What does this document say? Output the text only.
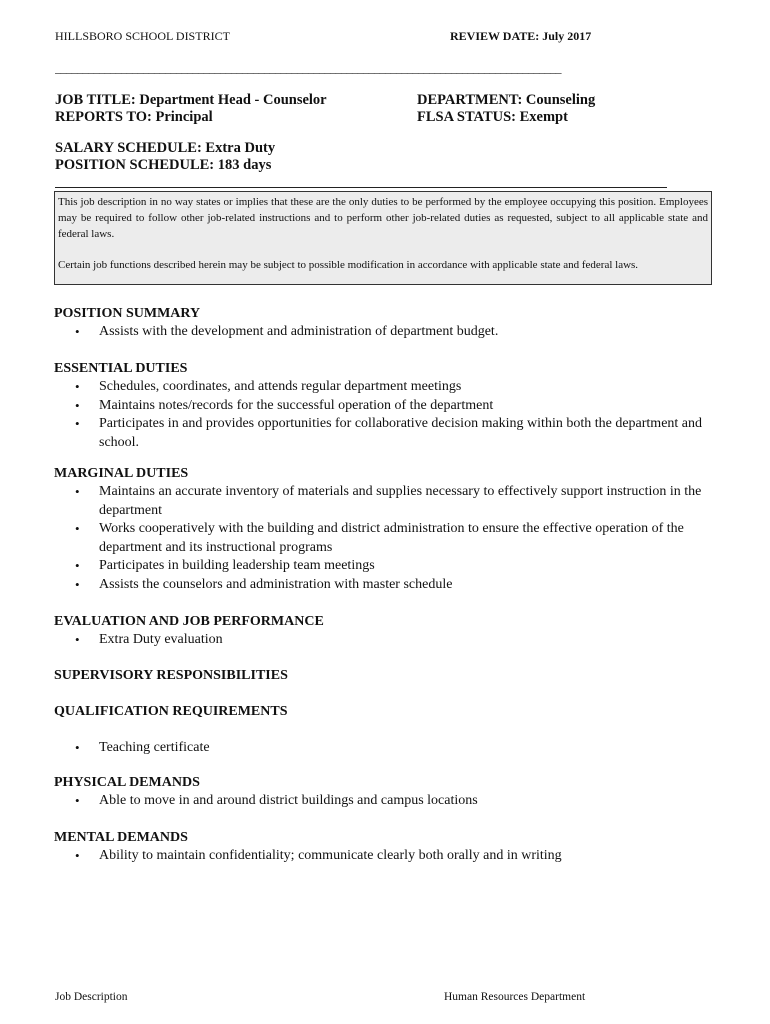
HILLSBORO SCHOOL DISTRICT	REVIEW DATE: July 2017
____________________________________________________________________________________________
JOB TITLE: Department Head - Counselor
REPORTS TO: Principal
DEPARTMENT: Counseling
FLSA STATUS: Exempt
SALARY SCHEDULE: Extra Duty
POSITION SCHEDULE: 183 days

This job description in no way states or implies that these are the only duties to be performed by the employee occupying this position. Employees may be required to follow other job-related instructions and to perform other job-related duties as requested, subject to all applicable state and federal laws.

Certain job functions described herein may be subject to possible modification in accordance with applicable state and federal laws.

POSITION SUMMARY
• Assists with the development and administration of department budget.
ESSENTIAL DUTIES
• Schedules, coordinates, and attends regular department meetings
• Maintains notes/records for the successful operation of the department
• Participates in and provides opportunities for collaborative decision making within both the department and school.
MARGINAL DUTIES
• Maintains an accurate inventory of materials and supplies necessary to effectively support instruction in the department
• Works cooperatively with the building and district administration to ensure the effective operation of the department and its instructional programs
• Participates in building leadership team meetings
• Assists the counselors and administration with master schedule
EVALUATION AND JOB PERFORMANCE
• Extra Duty evaluation
SUPERVISORY RESPONSIBILITIES
QUALIFICATION REQUIREMENTS
• Teaching certificate
PHYSICAL DEMANDS
• Able to move in and around district buildings and campus locations
MENTAL DEMANDS
• Ability to maintain confidentiality; communicate clearly both orally and in writing
Job Description	Human Resources Department
